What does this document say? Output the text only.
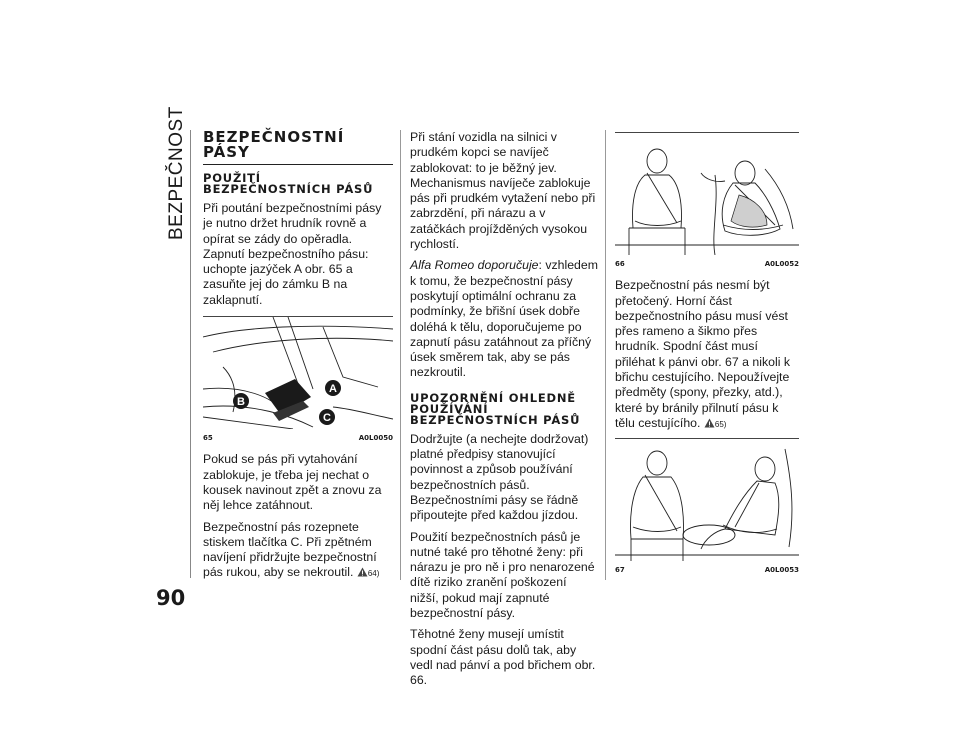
BEZPEČNOST
90
BEZPEČNOSTNÍ
PÁSY
POUŽITÍ
BEZPEČNOSTNÍCH PÁSŮ

Při poutání bezpečnostními pásy je nutno držet hrudník rovně a opírat se zády do opěradla. Zapnutí bezpečnostního pásu: uchopte jazýček A obr. 65 a zasuňte jej do zámku B na zaklapnutí.

A
B
C
65	A0L0050

Pokud se pás při vytahování zablokuje, je třeba jej nechat o kousek navinout zpět a znovu za něj lehce zatáhnout.

Bezpečnostní pás rozepnete stiskem tlačítka C. Při zpětném navíjení přidržujte bezpečnostní pás rukou, aby se nekroutil. 64)

Při stání vozidla na silnici v prudkém kopci se navíječ zablokovat: to je běžný jev. Mechanismus navíječe zablokuje pás při prudkém vytažení nebo při zabrzdění, při nárazu a v zatáčkách projížděných vysokou rychlostí.

Alfa Romeo doporučuje: vzhledem k tomu, že bezpečnostní pásy poskytují optimální ochranu za podmínky, že břišní úsek dobře doléhá k tělu, doporučujeme po zapnutí pásu zatáhnout za příčný úsek směrem tak, aby se pás nezkroutil.

UPOZORNĚNÍ OHLEDNĚ
POUŽÍVÁNÍ
BEZPEČNOSTNÍCH PÁSŮ

Dodržujte (a nechejte dodržovat) platné předpisy stanovující povinnost a způsob používání bezpečnostních pásů. Bezpečnostními pásy se řádně připoutejte před každou jízdou.

Použití bezpečnostních pásů je nutné také pro těhotné ženy: při nárazu je pro ně i pro nenarozené dítě riziko zranění poškození nižší, pokud mají zapnuté bezpečnostní pásy.

Těhotné ženy musejí umístit spodní část pásu dolů tak, aby vedl nad pánví a pod břichem obr. 66.

66	A0L0052

Bezpečnostní pás nesmí být přetočený. Horní část bezpečnostního pásu musí vést přes rameno a šikmo přes hrudník. Spodní část musí přiléhat k pánvi obr. 67 a nikoli k břichu cestujícího. Nepoužívejte předměty (spony, přezky, atd.), které by bránily přilnutí pásu k tělu cestujícího. 65)

67	A0L0053
